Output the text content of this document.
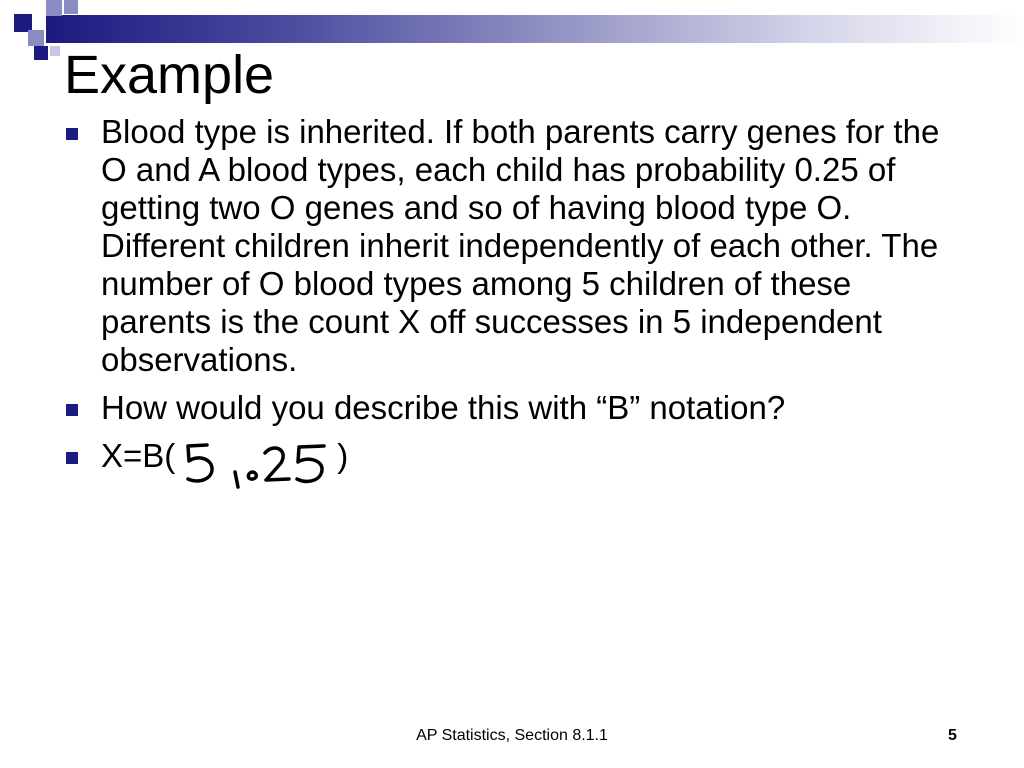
Example
Blood type is inherited. If both parents carry genes for the O and A blood types, each child has probability 0.25 of getting two O genes and so of having blood type O. Different children inherit independently of each other. The number of O blood types among 5 children of these parents is the count X off successes in 5 independent observations.
How would you describe this with “B” notation?
X=B(	)
AP Statistics, Section 8.1.1	5
